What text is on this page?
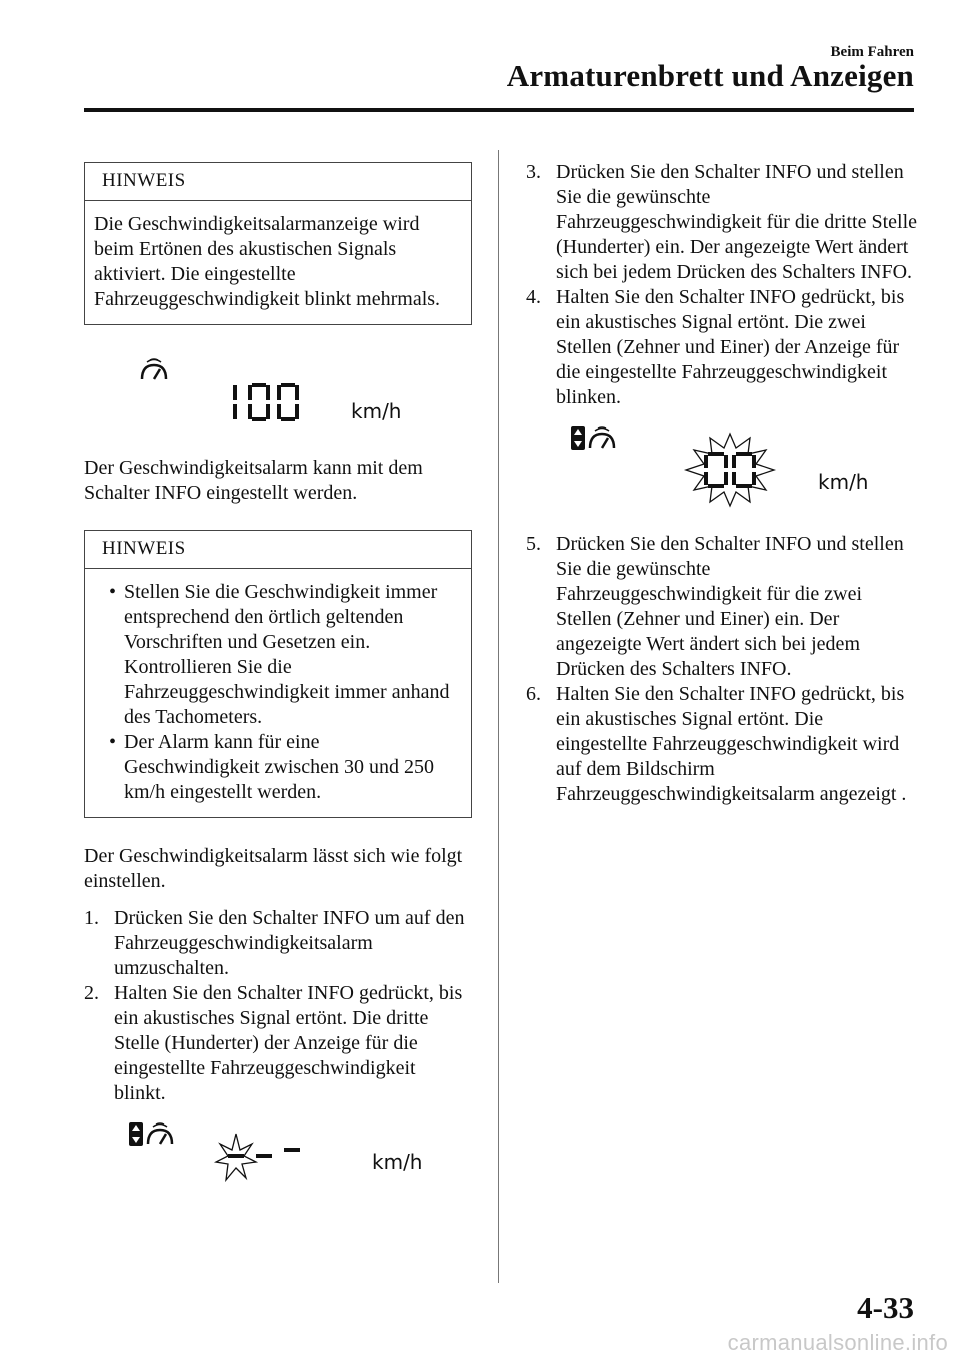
Beim Fahren
Armaturenbrett und Anzeigen
HINWEIS
Die Geschwindigkeitsalarmanzeige wird beim Ertönen des akustischen Signals aktiviert. Die eingestellte Fahrzeuggeschwindigkeit blinkt mehrmals.
km/h

Der Geschwindigkeitsalarm kann mit dem Schalter INFO eingestellt werden.

HINWEIS
• Stellen Sie die Geschwindigkeit immer entsprechend den örtlich geltenden Vorschriften und Gesetzen ein. Kontrollieren Sie die Fahrzeuggeschwindigkeit immer anhand des Tachometers.
• Der Alarm kann für eine Geschwindigkeit zwischen 30 und 250 km/h eingestellt werden.

Der Geschwindigkeitsalarm lässt sich wie folgt einstellen.

1. Drücken Sie den Schalter INFO um auf den Fahrzeuggeschwindigkeitsalarm umzuschalten.
2. Halten Sie den Schalter INFO gedrückt, bis ein akustisches Signal ertönt. Die dritte Stelle (Hunderter) der Anzeige für die eingestellte Fahrzeuggeschwindigkeit blinkt.
km/h
3. Drücken Sie den Schalter INFO und stellen Sie die gewünschte Fahrzeuggeschwindigkeit für die dritte Stelle (Hunderter) ein. Der angezeigte Wert ändert sich bei jedem Drücken des Schalters INFO.
4. Halten Sie den Schalter INFO gedrückt, bis ein akustisches Signal ertönt. Die zwei Stellen (Zehner und Einer) der Anzeige für die eingestellte Fahrzeuggeschwindigkeit blinken.
km/h
5. Drücken Sie den Schalter INFO und stellen Sie die gewünschte Fahrzeuggeschwindigkeit für die zwei Stellen (Zehner und Einer) ein. Der angezeigte Wert ändert sich bei jedem Drücken des Schalters INFO.
6. Halten Sie den Schalter INFO gedrückt, bis ein akustisches Signal ertönt. Die eingestellte Fahrzeuggeschwindigkeit wird auf dem Bildschirm Fahrzeuggeschwindigkeitsalarm angezeigt .
4-33
carmanualsonline.info
